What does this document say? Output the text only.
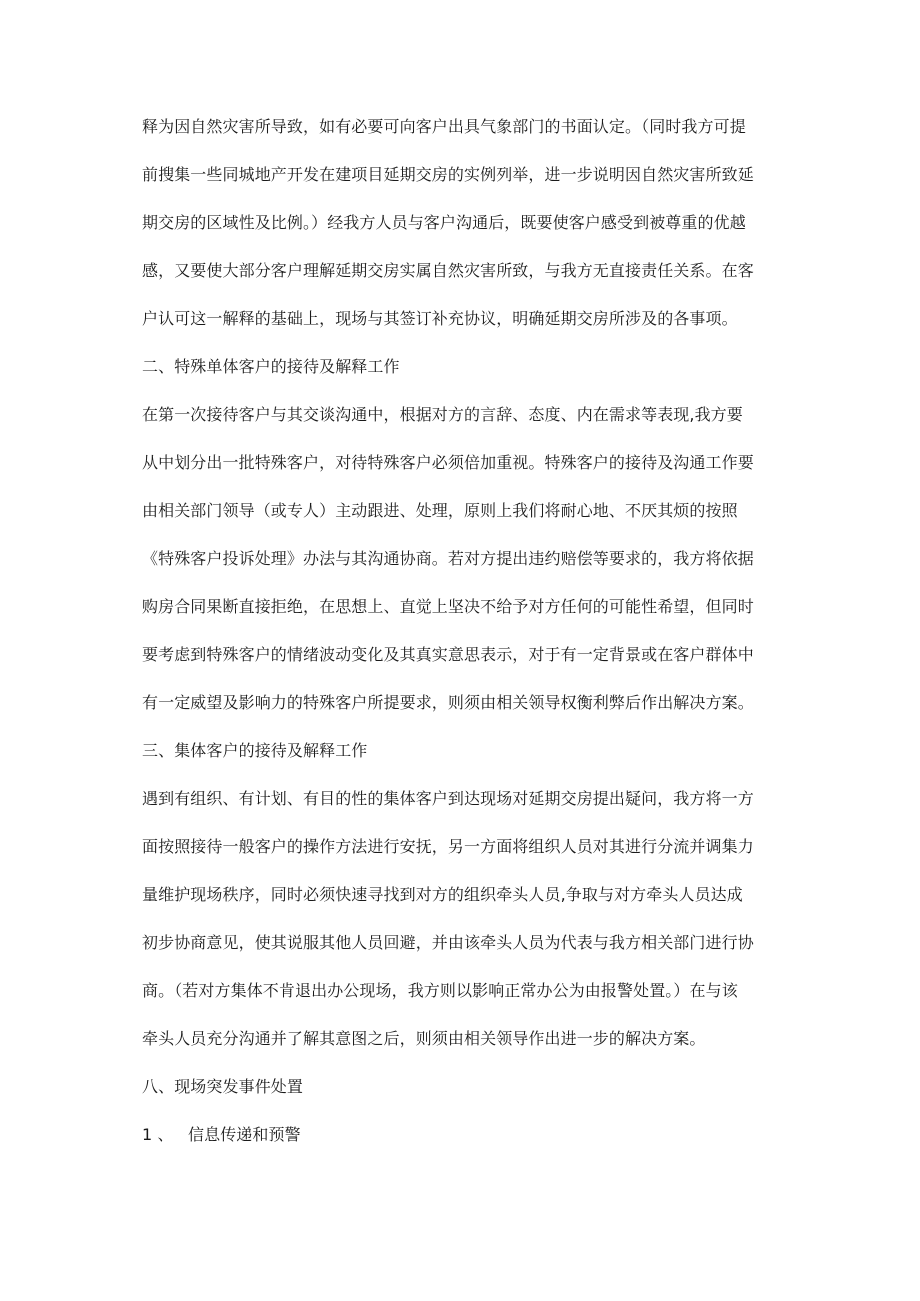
释为因自然灾害所导致，如有必要可向客户出具气象部门的书面认定。（同时我方可提
前搜集一些同城地产开发在建项目延期交房的实例列举，进一步说明因自然灾害所致延
期交房的区域性及比例。）经我方人员与客户沟通后，既要使客户感受到被尊重的优越
感，又要使大部分客户理解延期交房实属自然灾害所致，与我方无直接责任关系。在客
户认可这一解释的基础上，现场与其签订补充协议，明确延期交房所涉及的各事项。
二、特殊单体客户的接待及解释工作
在第一次接待客户与其交谈沟通中，根据对方的言辞、态度、内在需求等表现,我方要
从中划分出一批特殊客户，对待特殊客户必须倍加重视。特殊客户的接待及沟通工作要
由相关部门领导（或专人）主动跟进、处理，原则上我们将耐心地、不厌其烦的按照
《特殊客户投诉处理》办法与其沟通协商。若对方提出违约赔偿等要求的，我方将依据
购房合同果断直接拒绝，在思想上、直觉上坚决不给予对方任何的可能性希望，但同时
要考虑到特殊客户的情绪波动变化及其真实意思表示，对于有一定背景或在客户群体中
有一定威望及影响力的特殊客户所提要求，则须由相关领导权衡利弊后作出解决方案。
三、集体客户的接待及解释工作
遇到有组织、有计划、有目的性的集体客户到达现场对延期交房提出疑问，我方将一方
面按照接待一般客户的操作方法进行安抚，另一方面将组织人员对其进行分流并调集力
量维护现场秩序，同时必须快速寻找到对方的组织牵头人员,争取与对方牵头人员达成
初步协商意见，使其说服其他人员回避，并由该牵头人员为代表与我方相关部门进行协
商。（若对方集体不肯退出办公现场，我方则以影响正常办公为由报警处置。）在与该
牵头人员充分沟通并了解其意图之后，则须由相关领导作出进一步的解决方案。
八、现场突发事件处置
1 、 信息传递和预警
